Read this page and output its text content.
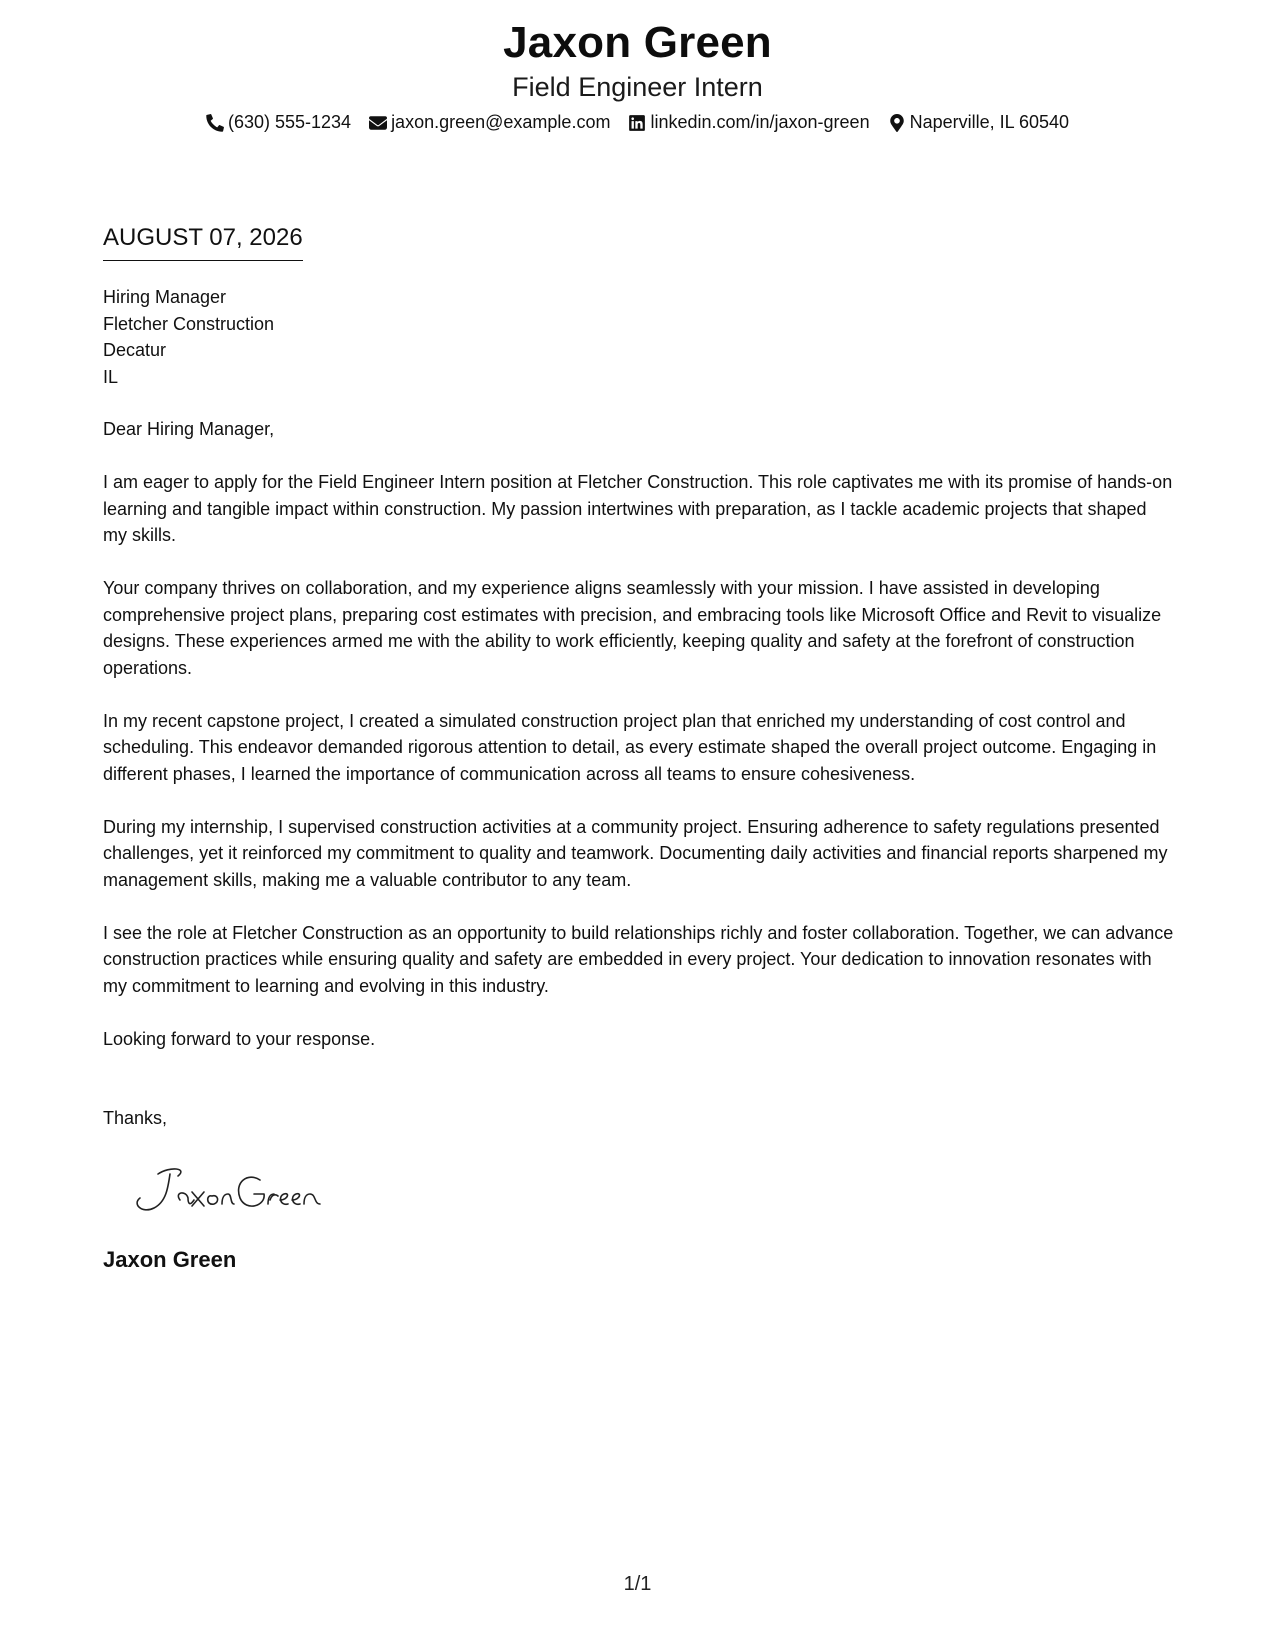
Jaxon Green
Field Engineer Intern
(630) 555-1234 jaxon.green@example.com linkedin.com/in/jaxon-green Naperville, IL 60540
AUGUST 07, 2026
Hiring Manager
Fletcher Construction
Decatur
IL

Dear Hiring Manager,

I am eager to apply for the Field Engineer Intern position at Fletcher Construction. This role captivates me with its promise of hands-on learning and tangible impact within construction. My passion intertwines with preparation, as I tackle academic projects that shaped my skills.

Your company thrives on collaboration, and my experience aligns seamlessly with your mission. I have assisted in developing comprehensive project plans, preparing cost estimates with precision, and embracing tools like Microsoft Office and Revit to visualize designs. These experiences armed me with the ability to work efficiently, keeping quality and safety at the forefront of construction operations.

In my recent capstone project, I created a simulated construction project plan that enriched my understanding of cost control and scheduling. This endeavor demanded rigorous attention to detail, as every estimate shaped the overall project outcome. Engaging in different phases, I learned the importance of communication across all teams to ensure cohesiveness.

During my internship, I supervised construction activities at a community project. Ensuring adherence to safety regulations presented challenges, yet it reinforced my commitment to quality and teamwork. Documenting daily activities and financial reports sharpened my management skills, making me a valuable contributor to any team.

I see the role at Fletcher Construction as an opportunity to build relationships richly and foster collaboration. Together, we can advance construction practices while ensuring quality and safety are embedded in every project. Your dedication to innovation resonates with my commitment to learning and evolving in this industry.

Looking forward to your response.

Thanks,

Jaxon Green
1/1
